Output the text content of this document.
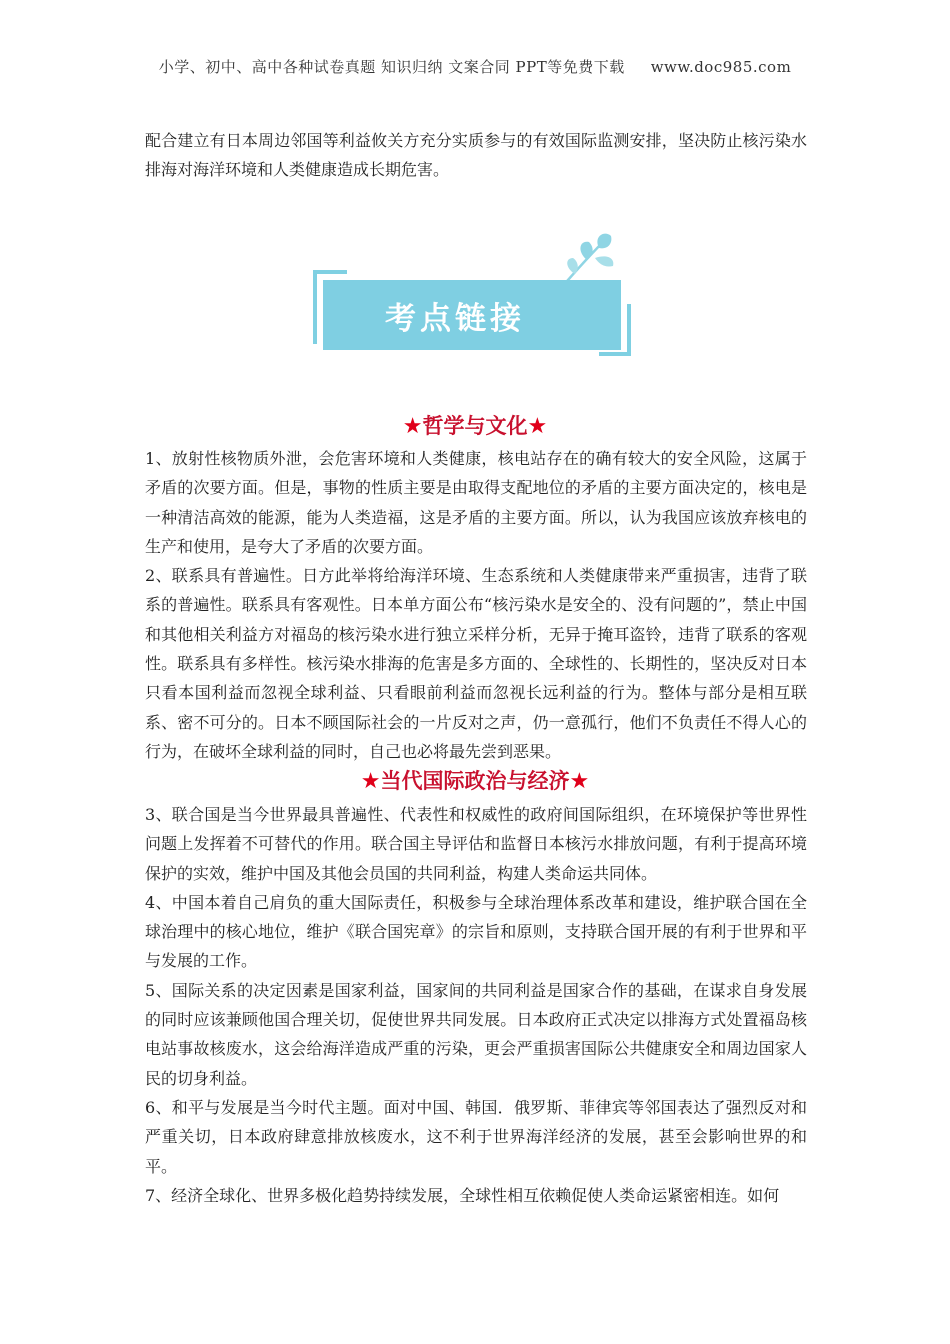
小学、初中、高中各种试卷真题 知识归纳 文案合同 PPT等免费下载 www.doc985.com
配合建立有日本周边邻国等利益攸关方充分实质参与的有效国际监测安排，坚决防止核污染水排海对海洋环境和人类健康造成长期危害。
考点链接
★哲学与文化★

1、放射性核物质外泄，会危害环境和人类健康，核电站存在的确有较大的安全风险，这属于矛盾的次要方面。但是，事物的性质主要是由取得支配地位的矛盾的主要方面决定的，核电是一种清洁高效的能源，能为人类造福，这是矛盾的主要方面。所以，认为我国应该放弃核电的生产和使用，是夸大了矛盾的次要方面。

2、联系具有普遍性。日方此举将给海洋环境、生态系统和人类健康带来严重损害，违背了联系的普遍性。联系具有客观性。日本单方面公布“核污染水是安全的、没有问题的”，禁止中国和其他相关利益方对福岛的核污染水进行独立采样分析，无异于掩耳盗铃，违背了联系的客观性。联系具有多样性。核污染水排海的危害是多方面的、全球性的、长期性的，坚决反对日本只看本国利益而忽视全球利益、只看眼前利益而忽视长远利益的行为。整体与部分是相互联系、密不可分的。日本不顾国际社会的一片反对之声，仍一意孤行，他们不负责任不得人心的行为，在破坏全球利益的同时，自己也必将最先尝到恶果。

★当代国际政治与经济★

3、联合国是当今世界最具普遍性、代表性和权威性的政府间国际组织，在环境保护等世界性问题上发挥着不可替代的作用。联合国主导评估和监督日本核污水排放问题，有利于提高环境保护的实效，维护中国及其他会员国的共同利益，构建人类命运共同体。

4、中国本着自己肩负的重大国际责任，积极参与全球治理体系改革和建设，维护联合国在全球治理中的核心地位，维护《联合国宪章》的宗旨和原则，支持联合国开展的有利于世界和平与发展的工作。

5、国际关系的决定因素是国家利益，国家间的共同利益是国家合作的基础，在谋求自身发展的同时应该兼顾他国合理关切，促使世界共同发展。日本政府正式决定以排海方式处置福岛核电站事故核废水，这会给海洋造成严重的污染，更会严重损害国际公共健康安全和周边国家人民的切身利益。

6、和平与发展是当今时代主题。面对中国、韩国．俄罗斯、菲律宾等邻国表达了强烈反对和严重关切，日本政府肆意排放核废水，这不利于世界海洋经济的发展，甚至会影响世界的和平。

7、经济全球化、世界多极化趋势持续发展，全球性相互依赖促使人类命运紧密相连。如何
